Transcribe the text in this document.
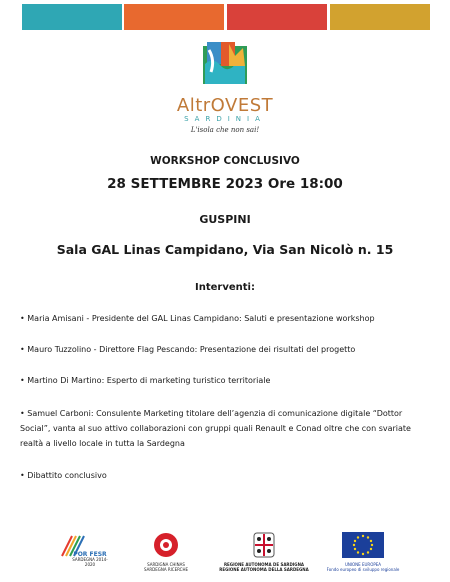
AltrOVEST
SARDINIA
L'isola che non sai!
WORKSHOP CONCLUSIVO
28 SETTEMBRE 2023 Ore 18:00
GUSPINI
Sala GAL Linas Campidano, Via San Nicolò n. 15
Interventi:
• Maria Amisani - Presidente del GAL Linas Campidano: Saluti e presentazione workshop
• Mauro Tuzzolino - Direttore Flag Pescando: Presentazione dei risultati del progetto
• Martino Di Martino: Esperto di marketing turistico territoriale
• Samuel Carboni: Consulente Marketing titolare dell’agenzia di comunicazione digitale “Dottor Social”, vanta al suo attivo collaborazioni con gruppi quali Renault e Conad oltre che con svariate realtà a livello locale in tutta la Sardegna
• Dibattito conclusivo
POR FESR
SARDEGNA 2014-2020	SARDIGNA CHINAS
SARDEGNA RICERCHE
REGIONE AUTONOMA DE SARDIGNA
REGIONE AUTONOMA DELLA SARDEGNA
UNIONE EUROPEA
Fondo europeo di sviluppo regionale
